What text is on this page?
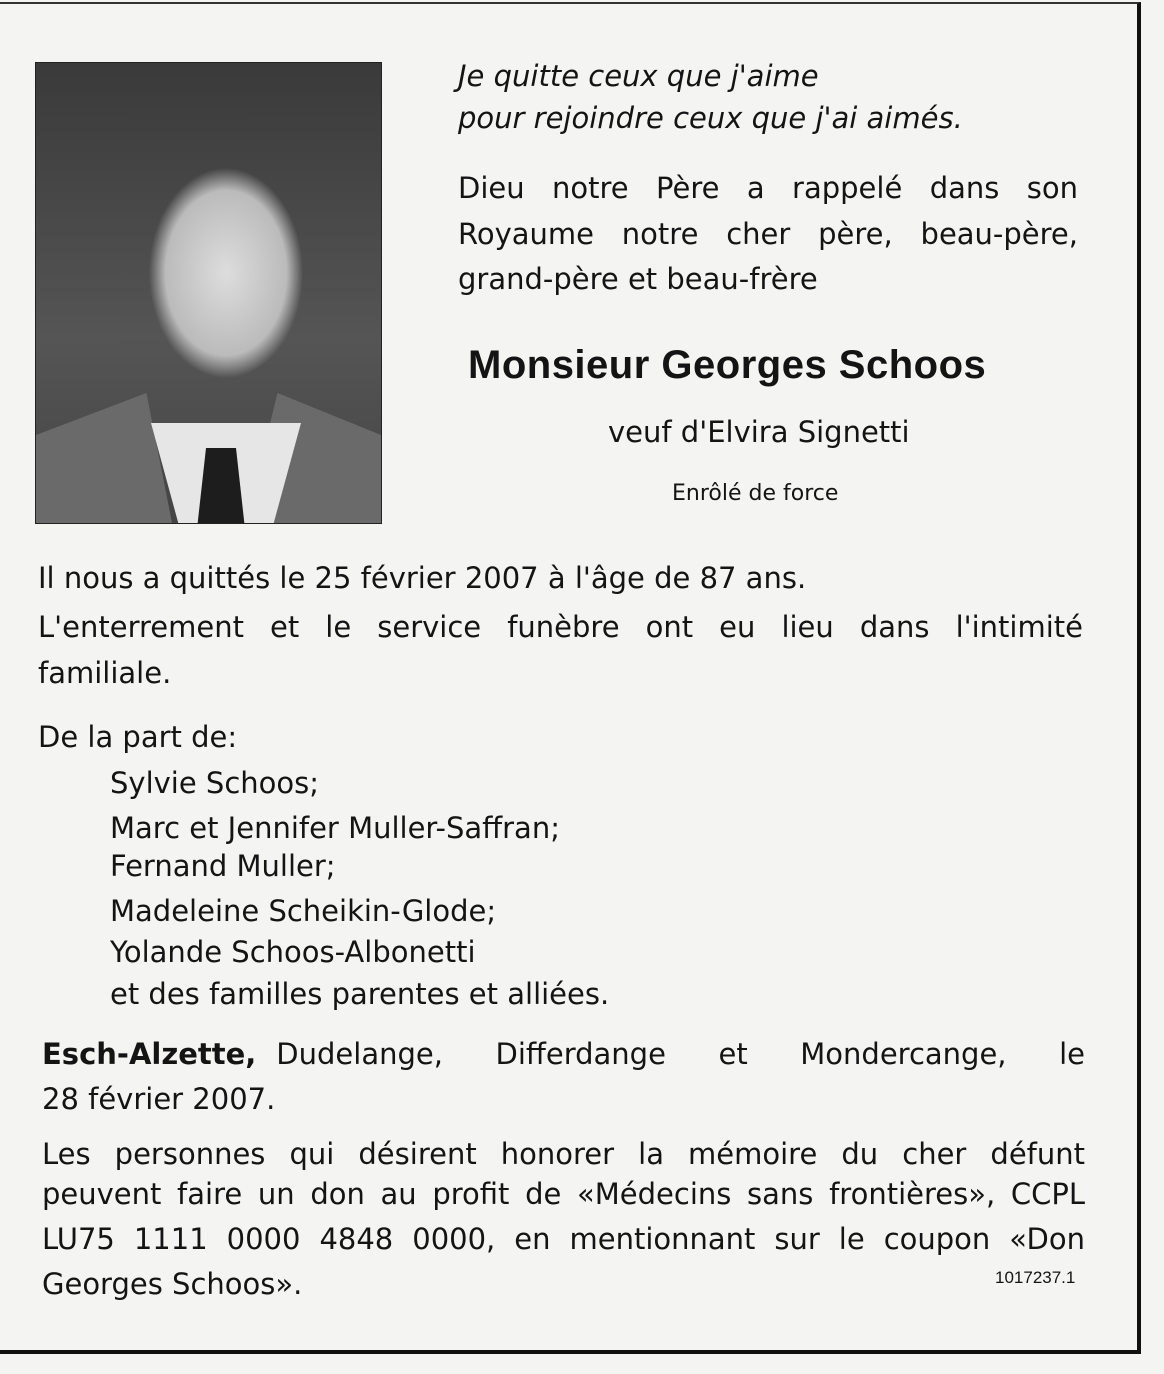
Je quitte ceux que j'aime
pour rejoindre ceux que j'ai aimés.
Dieu notre Père a rappelé dans son
Royaume notre cher père, beau-père,
grand-père et beau-frère
Monsieur Georges Schoos
veuf d'Elvira Signetti
Enrôlé de force
Il nous a quittés le 25 février 2007 à l'âge de 87 ans.
L'enterrement et le service funèbre ont eu lieu dans l'intimité
familiale.
De la part de:
Sylvie Schoos;
Marc et Jennifer Muller-Saffran;
Fernand Muller;
Madeleine Scheikin-Glode;
Yolande Schoos-Albonetti
et des familles parentes et alliées.
Esch-Alzette, Dudelange, Differdange et Mondercange, le
28 février 2007.
Les personnes qui désirent honorer la mémoire du cher défunt
peuvent faire un don au profit de «Médecins sans frontières», CCPL
LU75 1111 0000 4848 0000, en mentionnant sur le coupon «Don
Georges Schoos».	1017237.1
